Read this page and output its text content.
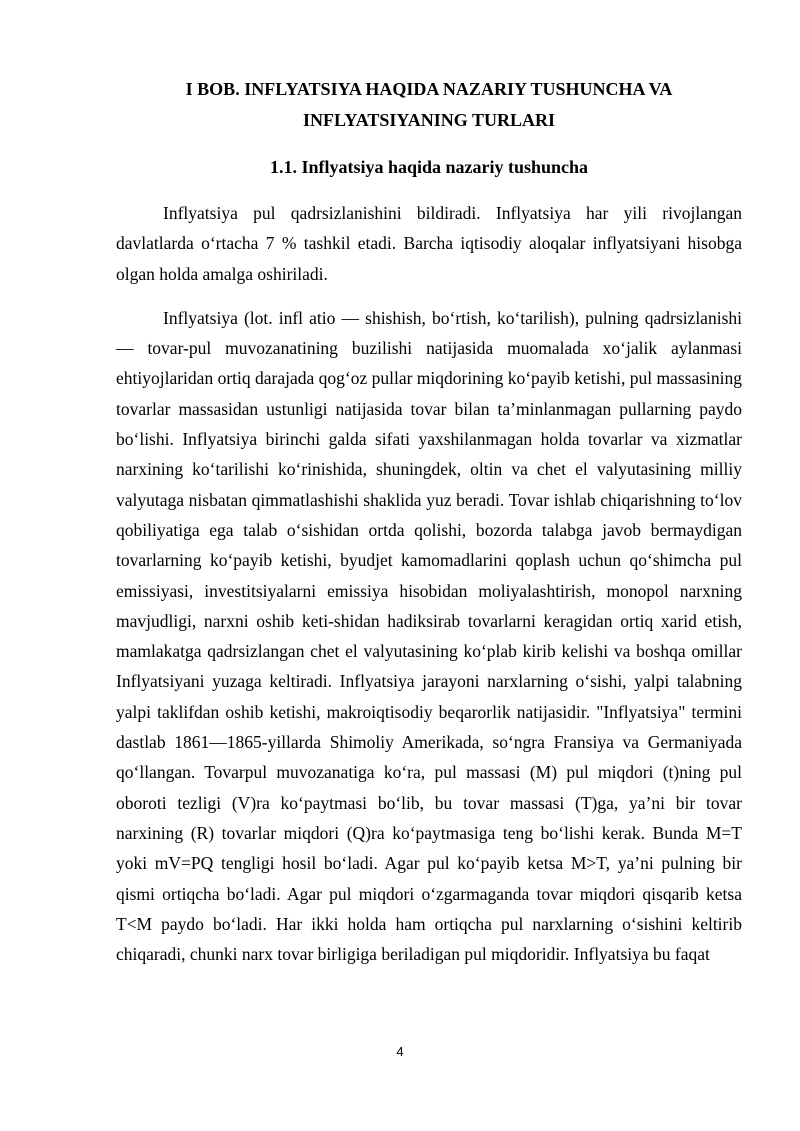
I BOB. INFLYATSIYA HAQIDA NAZARIY TUSHUNCHA VA
INFLYATSIYANING TURLARI
1.1. Inflyatsiya haqida nazariy tushuncha

Inflyatsiya pul qadrsizlanishini bildiradi. Inflyatsiya har yili rivojlangan davlatlarda o‘rtacha 7 % tashkil etadi. Barcha iqtisodiy aloqalar inflyatsiyani hisobga olgan holda amalga oshiriladi.

Inflyatsiya (lot. infl atio — shishish, bo‘rtish, ko‘tarilish), pulning qadrsizlanishi — tovar-pul muvozanatining buzilishi natijasida muomalada xo‘jalik aylanmasi ehtiyojlaridan ortiq darajada qog‘oz pullar miqdorining ko‘payib ketishi, pul massasining tovarlar massasidan ustunligi natijasida tovar bilan ta’minlanmagan pullarning paydo bo‘lishi. Inflyatsiya birinchi galda sifati yaxshilanmagan holda tovarlar va xizmatlar narxining ko‘tarilishi ko‘rinishida, shuningdek, oltin va chet el valyutasining milliy valyutaga nisbatan qimmatlashishi shaklida yuz beradi. Tovar ishlab chiqarishning to‘lov qobiliyatiga ega talab o‘sishidan ortda qolishi, bozorda talabga javob bermaydigan tovarlarning ko‘payib ketishi, byudjet kamomadlarini qoplash uchun qo‘shimcha pul emissiyasi, investitsiyalarni emissiya hisobidan moliyalashtirish, monopol narxning mavjudligi, narxni oshib keti-shidan hadiksirab tovarlarni keragidan ortiq xarid etish, mamlakatga qadrsizlangan chet el valyutasining ko‘plab kirib kelishi va boshqa omillar Inflyatsiyani yuzaga keltiradi. Inflyatsiya jarayoni narxlarning o‘sishi, yalpi talabning yalpi taklifdan oshib ketishi, makroiqtisodiy beqarorlik natijasidir. "Inflyatsiya" termini dastlab 1861—1865-yillarda Shimoliy Amerikada, so‘ngra Fransiya va Germaniyada qo‘llangan. Tovarpul muvozanatiga ko‘ra, pul massasi (M) pul miqdori (t)ning pul oboroti tezligi (V)ra ko‘paytmasi bo‘lib, bu tovar massasi (T)ga, ya’ni bir tovar narxining (R) tovarlar miqdori (Q)ra ko‘paytmasiga teng bo‘lishi kerak. Bunda M=T yoki mV=PQ tengligi hosil bo‘ladi. Agar pul ko‘payib ketsa M>T, ya’ni pulning bir qismi ortiqcha bo‘ladi. Agar pul miqdori o‘zgarmaganda tovar miqdori qisqarib ketsa T<M paydo bo‘ladi. Har ikki holda ham ortiqcha pul narxlarning o‘sishini keltirib chiqaradi, chunki narx tovar birligiga beriladigan pul miqdoridir. Inflyatsiya bu faqat

4
